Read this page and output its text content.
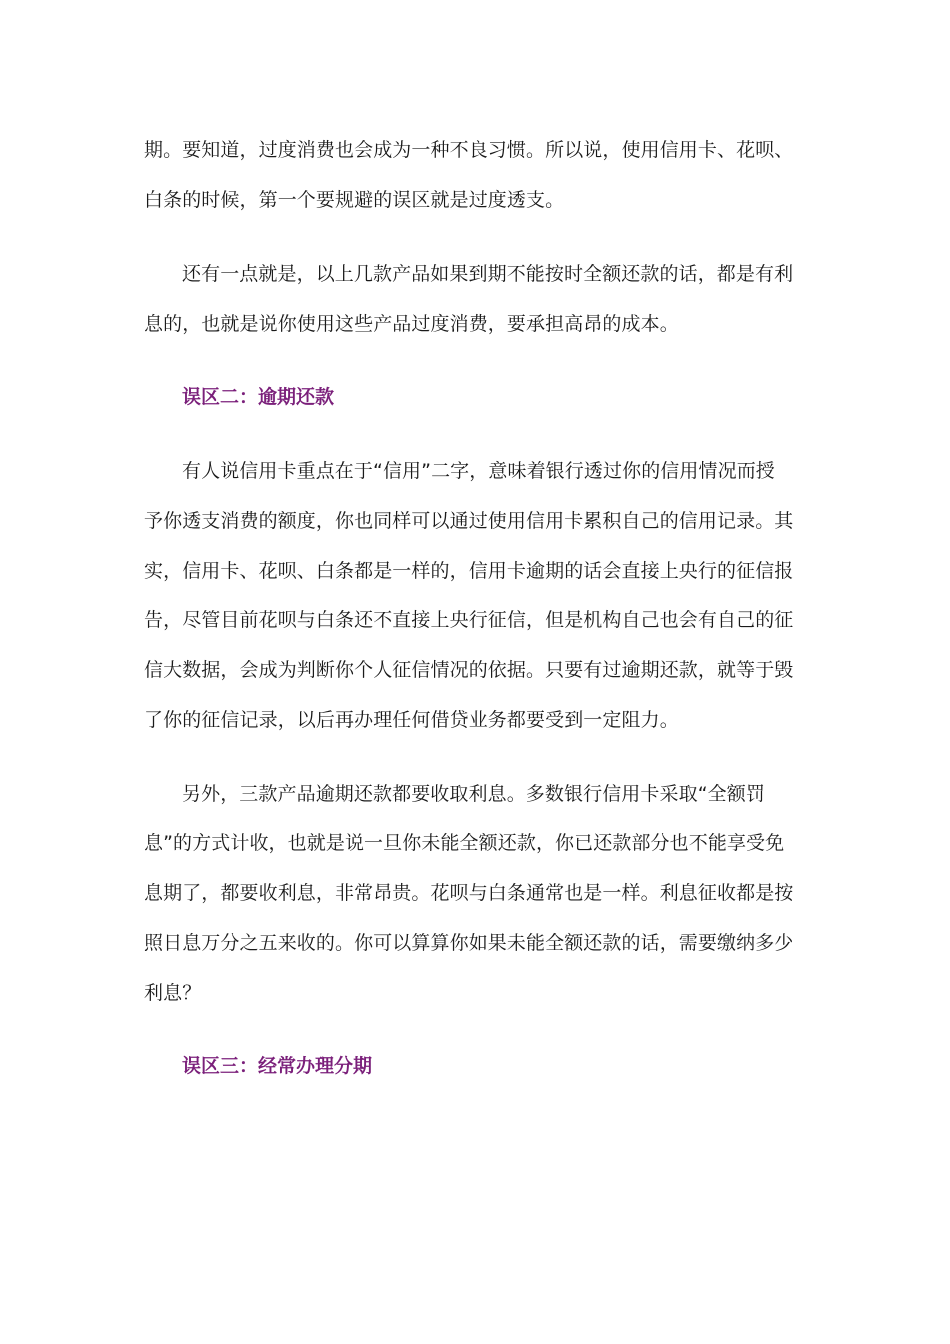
期。要知道，过度消费也会成为一种不良习惯。所以说，使用信用卡、花呗、
白条的时候，第一个要规避的误区就是过度透支。
还有一点就是，以上几款产品如果到期不能按时全额还款的话，都是有利
息的，也就是说你使用这些产品过度消费，要承担高昂的成本。
误区二：逾期还款
有人说信用卡重点在于“信用”二字，意味着银行透过你的信用情况而授
予你透支消费的额度，你也同样可以通过使用信用卡累积自己的信用记录。其
实，信用卡、花呗、白条都是一样的，信用卡逾期的话会直接上央行的征信报
告，尽管目前花呗与白条还不直接上央行征信，但是机构自己也会有自己的征
信大数据，会成为判断你个人征信情况的依据。只要有过逾期还款，就等于毁
了你的征信记录，以后再办理任何借贷业务都要受到一定阻力。
另外，三款产品逾期还款都要收取利息。多数银行信用卡采取“全额罚
息”的方式计收，也就是说一旦你未能全额还款，你已还款部分也不能享受免
息期了，都要收利息，非常昂贵。花呗与白条通常也是一样。利息征收都是按
照日息万分之五来收的。你可以算算你如果未能全额还款的话，需要缴纳多少
利息？
误区三：经常办理分期
